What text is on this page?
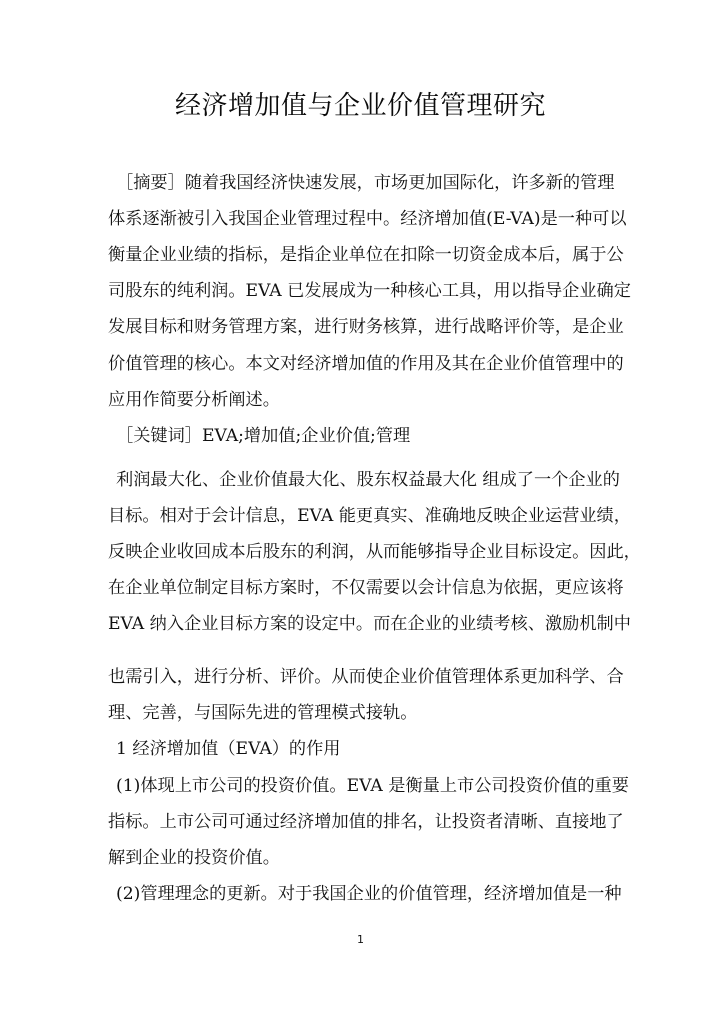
经济增加值与企业价值管理研究
［摘要］随着我国经济快速发展，市场更加国际化，许多新的管理
体系逐渐被引入我国企业管理过程中。经济增加值(E-VA)是一种可以
衡量企业业绩的指标，是指企业单位在扣除一切资金成本后，属于公
司股东的纯利润。EVA 已发展成为一种核心工具，用以指导企业确定
发展目标和财务管理方案，进行财务核算，进行战略评价等，是企业
价值管理的核心。本文对经济增加值的作用及其在企业价值管理中的
应用作简要分析阐述。
［关键词］EVA;增加值;企业价值;管理
利润最大化、企业价值最大化、股东权益最大化 组成了一个企业的
目标。相对于会计信息，EVA 能更真实、准确地反映企业运营业绩，
反映企业收回成本后股东的利润，从而能够指导企业目标设定。因此，
在企业单位制定目标方案时，不仅需要以会计信息为依据，更应该将
EVA 纳入企业目标方案的设定中。而在企业的业绩考核、激励机制中
也需引入，进行分析、评价。从而使企业价值管理体系更加科学、合
理、完善，与国际先进的管理模式接轨。
1 经济增加值（EVA）的作用
(1)体现上市公司的投资价值。EVA 是衡量上市公司投资价值的重要
指标。上市公司可通过经济增加值的排名，让投资者清晰、直接地了
解到企业的投资价值。
(2)管理理念的更新。对于我国企业的价值管理，经济增加值是一种
1
